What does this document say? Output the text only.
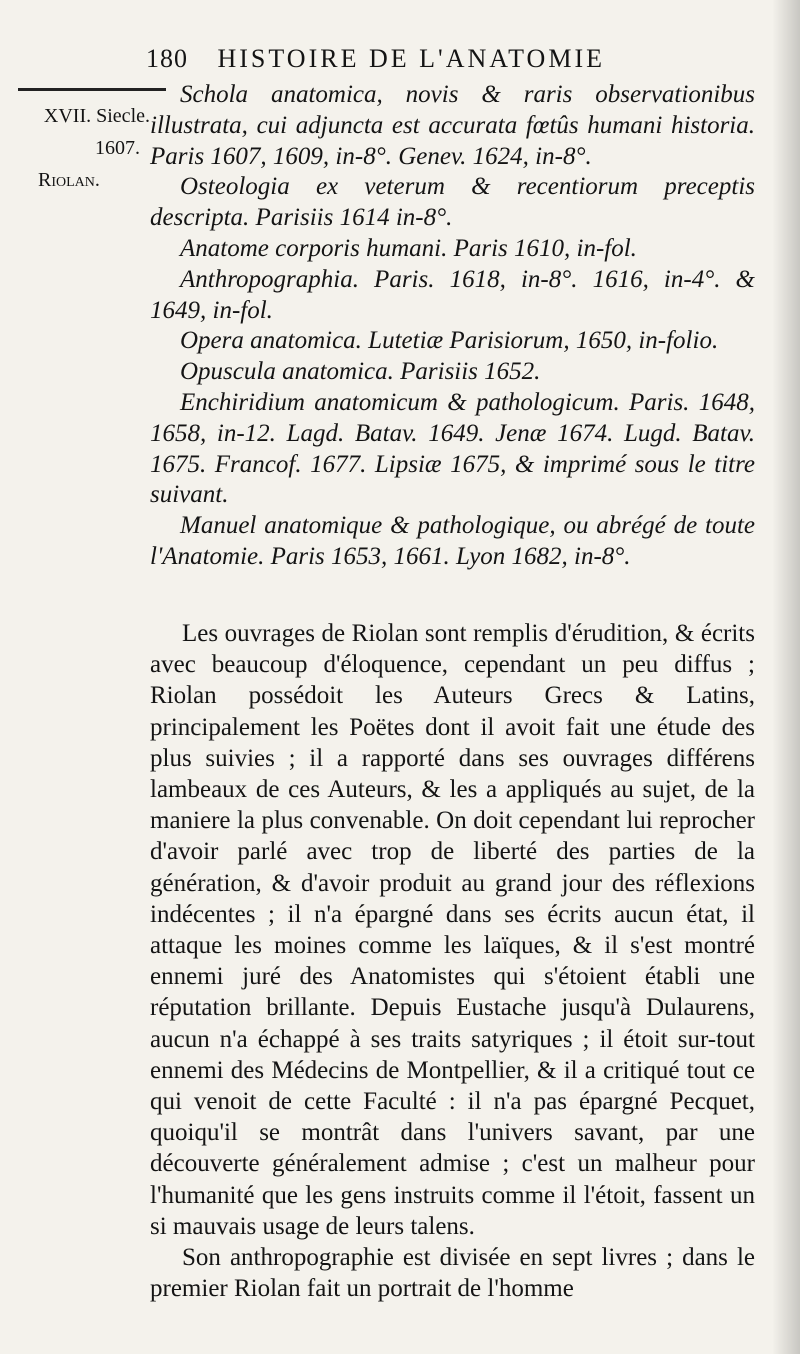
180 HISTOIRE DE L'ANATOMIE
XVII. Siecle.
1607.
Riolan.

Schola anatomica, novis & raris observationibus illustrata, cui adjuncta est accurata fœtûs humani historia. Paris 1607, 1609, in-8°. Genev. 1624, in-8°.

Osteologia ex veterum & recentiorum preceptis descripta. Parisiis 1614 in-8°.

Anatome corporis humani. Paris 1610, in-fol.

Anthropographia. Paris. 1618, in-8°. 1616, in-4°. & 1649, in-fol.

Opera anatomica. Lutetiæ Parisiorum, 1650, in-folio.

Opuscula anatomica. Parisiis 1652.

Enchiridium anatomicum & pathologicum. Paris. 1648, 1658, in-12. Lagd. Batav. 1649. Jenæ 1674. Lugd. Batav. 1675. Francof. 1677. Lipsiæ 1675, & imprimé sous le titre suivant.

Manuel anatomique & pathologique, ou abrégé de toute l'Anatomie. Paris 1653, 1661. Lyon 1682, in-8°.

Les ouvrages de Riolan sont remplis d'érudition, & écrits avec beaucoup d'éloquence, cependant un peu diffus ; Riolan possédoit les Auteurs Grecs & Latins, principalement les Poëtes dont il avoit fait une étude des plus suivies ; il a rapporté dans ses ouvrages différens lambeaux de ces Auteurs, & les a appliqués au sujet, de la maniere la plus convenable. On doit cependant lui reprocher d'avoir parlé avec trop de liberté des parties de la génération, & d'avoir produit au grand jour des réflexions indécentes ; il n'a épargné dans ses écrits aucun état, il attaque les moines comme les laïques, & il s'est montré ennemi juré des Anatomistes qui s'étoient établi une réputation brillante. Depuis Eustache jusqu'à Dulaurens, aucun n'a échappé à ses traits satyriques ; il étoit sur-tout ennemi des Médecins de Montpellier, & il a critiqué tout ce qui venoit de cette Faculté : il n'a pas épargné Pecquet, quoiqu'il se montrât dans l'univers savant, par une découverte généralement admise ; c'est un malheur pour l'humanité que les gens instruits comme il l'étoit, fassent un si mauvais usage de leurs talens.

Son anthropographie est divisée en sept livres ; dans le premier Riolan fait un portrait de l'homme
